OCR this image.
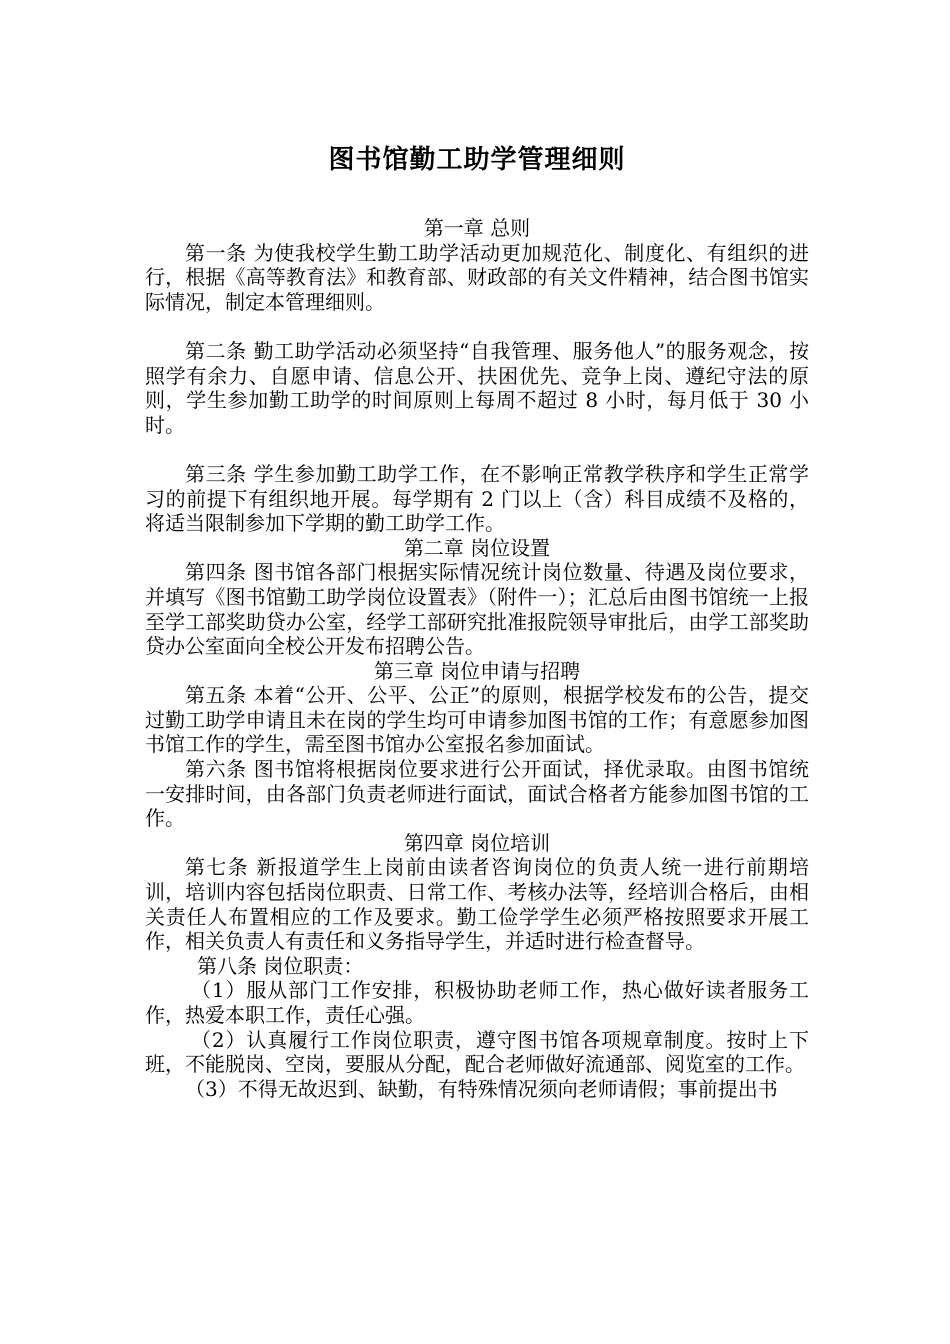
图书馆勤工助学管理细则

第一章 总则

第一条 为使我校学生勤工助学活动更加规范化、制度化、有组织的进行，根据《高等教育法》和教育部、财政部的有关文件精神，结合图书馆实际情况，制定本管理细则。

第二条 勤工助学活动必须坚持“自我管理、服务他人”的服务观念，按照学有余力、自愿申请、信息公开、扶困优先、竞争上岗、遵纪守法的原则，学生参加勤工助学的时间原则上每周不超过 8 小时，每月低于 30 小时。

第三条 学生参加勤工助学工作，在不影响正常教学秩序和学生正常学习的前提下有组织地开展。每学期有 2 门以上（含）科目成绩不及格的，将适当限制参加下学期的勤工助学工作。

第二章 岗位设置

第四条 图书馆各部门根据实际情况统计岗位数量、待遇及岗位要求，并填写《图书馆勤工助学岗位设置表》（附件一）；汇总后由图书馆统一上报至学工部奖助贷办公室，经学工部研究批准报院领导审批后，由学工部奖助贷办公室面向全校公开发布招聘公告。

第三章 岗位申请与招聘

第五条 本着“公开、公平、公正”的原则，根据学校发布的公告，提交过勤工助学申请且未在岗的学生均可申请参加图书馆的工作；有意愿参加图书馆工作的学生，需至图书馆办公室报名参加面试。

第六条 图书馆将根据岗位要求进行公开面试，择优录取。由图书馆统一安排时间，由各部门负责老师进行面试，面试合格者方能参加图书馆的工作。

第四章 岗位培训

第七条 新报道学生上岗前由读者咨询岗位的负责人统一进行前期培训，培训内容包括岗位职责、日常工作、考核办法等，经培训合格后，由相关责任人布置相应的工作及要求。勤工俭学学生必须严格按照要求开展工作，相关负责人有责任和义务指导学生，并适时进行检查督导。

第八条 岗位职责：

（1）服从部门工作安排，积极协助老师工作，热心做好读者服务工作，热爱本职工作，责任心强。

（2）认真履行工作岗位职责，遵守图书馆各项规章制度。按时上下班，不能脱岗、空岗，要服从分配，配合老师做好流通部、阅览室的工作。

（3）不得无故迟到、缺勤，有特殊情况须向老师请假；事前提出书
